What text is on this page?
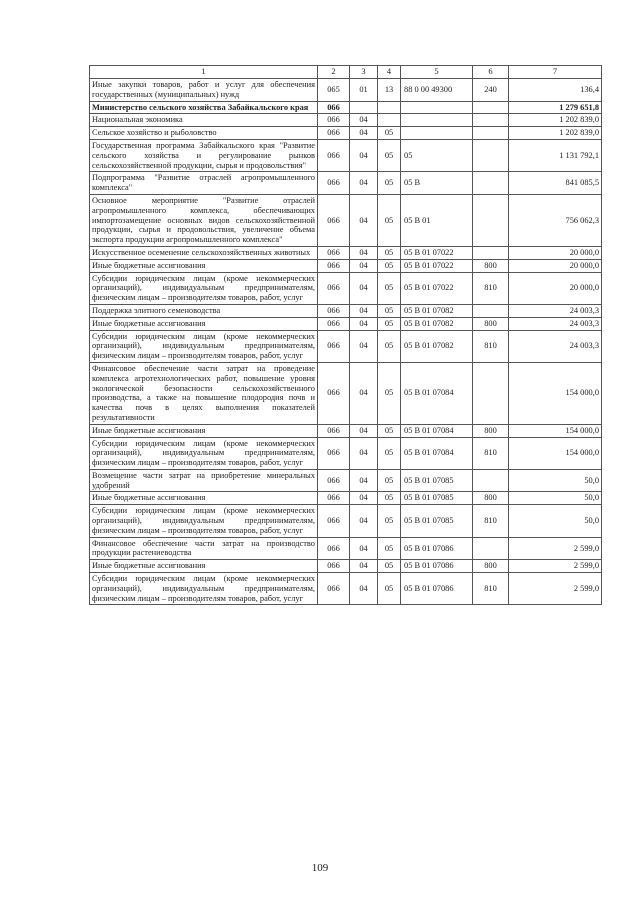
1	2	3	4	5	6	7
Иные закупки товаров, работ и услуг для обеспечения государственных (муниципальных) нужд	065	01	13	88 0 00 49300	240	136,4
Министерство сельского хозяйства Забайкальского края	066					1 279 651,8
Национальная экономика	066	04				1 202 839,0
Сельское хозяйство и рыболовство	066	04	05			1 202 839,0
Государственная программа Забайкальского края "Развитие сельского хозяйства и регулирование рынков сельскохозяйственной продукции, сырья и продовольствия"	066	04	05	05		1 131 792,1
Подпрограмма "Развитие отраслей агропромышленного комплекса"	066	04	05	05 В		841 085,5
Основное мероприятие "Развитие отраслей агропромышленного комплекса, обеспечивающих импортозамещение основных видов сельскохозяйственной продукции, сырья и продовольствия, увеличение объема экспорта продукции агропромышленного комплекса"	066	04	05	05 В 01		756 062,3
Искусственное осеменение сельскохозяйственных животных	066	04	05	05 В 01 07022		20 000,0
Иные бюджетные ассигнования	066	04	05	05 В 01 07022	800	20 000,0
Субсидии юридическим лицам (кроме некоммерческих организаций), индивидуальным предпринимателям, физическим лицам – производителям товаров, работ, услуг	066	04	05	05 В 01 07022	810	20 000,0
Поддержка элитного семеноводства	066	04	05	05 В 01 07082		24 003,3
Иные бюджетные ассигнования	066	04	05	05 В 01 07082	800	24 003,3
Субсидии юридическим лицам (кроме некоммерческих организаций), индивидуальным предпринимателям, физическим лицам – производителям товаров, работ, услуг	066	04	05	05 В 01 07082	810	24 003,3
Финансовое обеспечение части затрат на проведение комплекса агротехнологических работ, повышение уровня экологической безопасности сельскохозяйственного производства, а также на повышение плодородия почв и качества почв в целях выполнения показателей результативности	066	04	05	05 В 01 07084		154 000,0
Иные бюджетные ассигнования	066	04	05	05 В 01 07084	800	154 000,0
Субсидии юридическим лицам (кроме некоммерческих организаций), индивидуальным предпринимателям, физическим лицам – производителям товаров, работ, услуг	066	04	05	05 В 01 07084	810	154 000,0
Возмещение части затрат на приобретение минеральных удобрений	066	04	05	05 В 01 07085		50,0
Иные бюджетные ассигнования	066	04	05	05 В 01 07085	800	50,0
Субсидии юридическим лицам (кроме некоммерческих организаций), индивидуальным предпринимателям, физическим лицам – производителям товаров, работ, услуг	066	04	05	05 В 01 07085	810	50,0
Финансовое обеспечение части затрат на производство продукции растениеводства	066	04	05	05 В 01 07086		2 599,0
Иные бюджетные ассигнования	066	04	05	05 В 01 07086	800	2 599,0
Субсидии юридическим лицам (кроме некоммерческих организаций), индивидуальным предпринимателям, физическим лицам – производителям товаров, работ, услуг	066	04	05	05 В 01 07086	810	2 599,0
109
